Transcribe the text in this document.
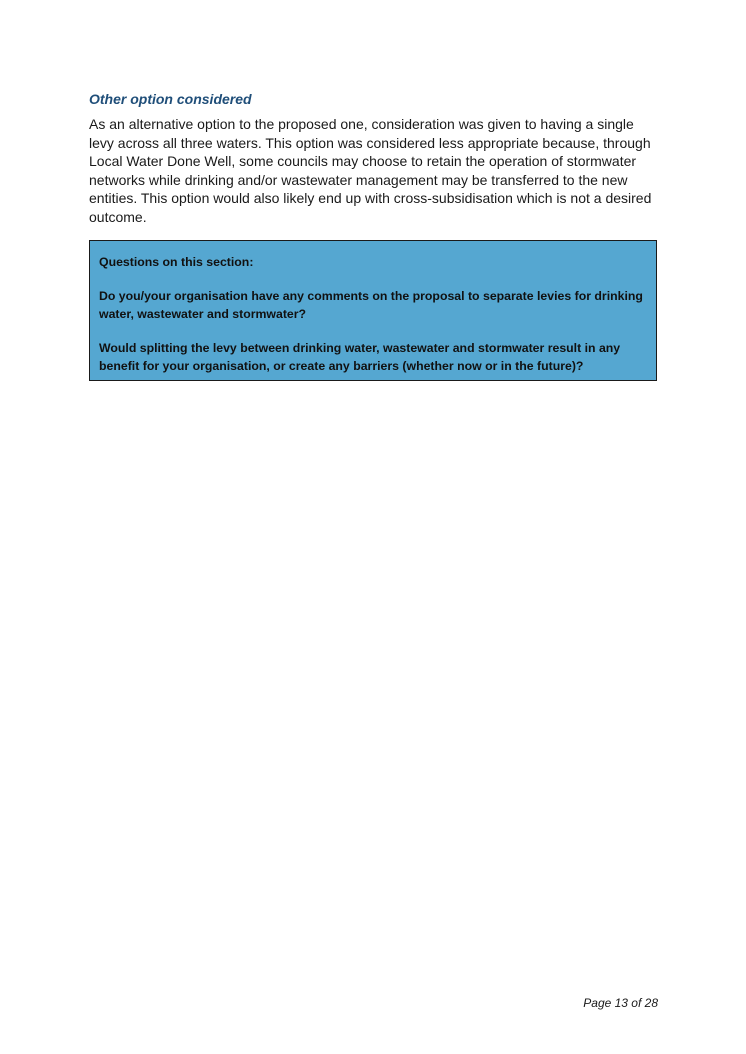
Other option considered

As an alternative option to the proposed one, consideration was given to having a single levy across all three waters. This option was considered less appropriate because, through Local Water Done Well, some councils may choose to retain the operation of stormwater networks while drinking and/or wastewater management may be transferred to the new entities. This option would also likely end up with cross-subsidisation which is not a desired outcome.

Questions on this section:

Do you/your organisation have any comments on the proposal to separate levies for drinking water, wastewater and stormwater?

Would splitting the levy between drinking water, wastewater and stormwater result in any benefit for your organisation, or create any barriers (whether now or in the future)?

Page 13 of 28
